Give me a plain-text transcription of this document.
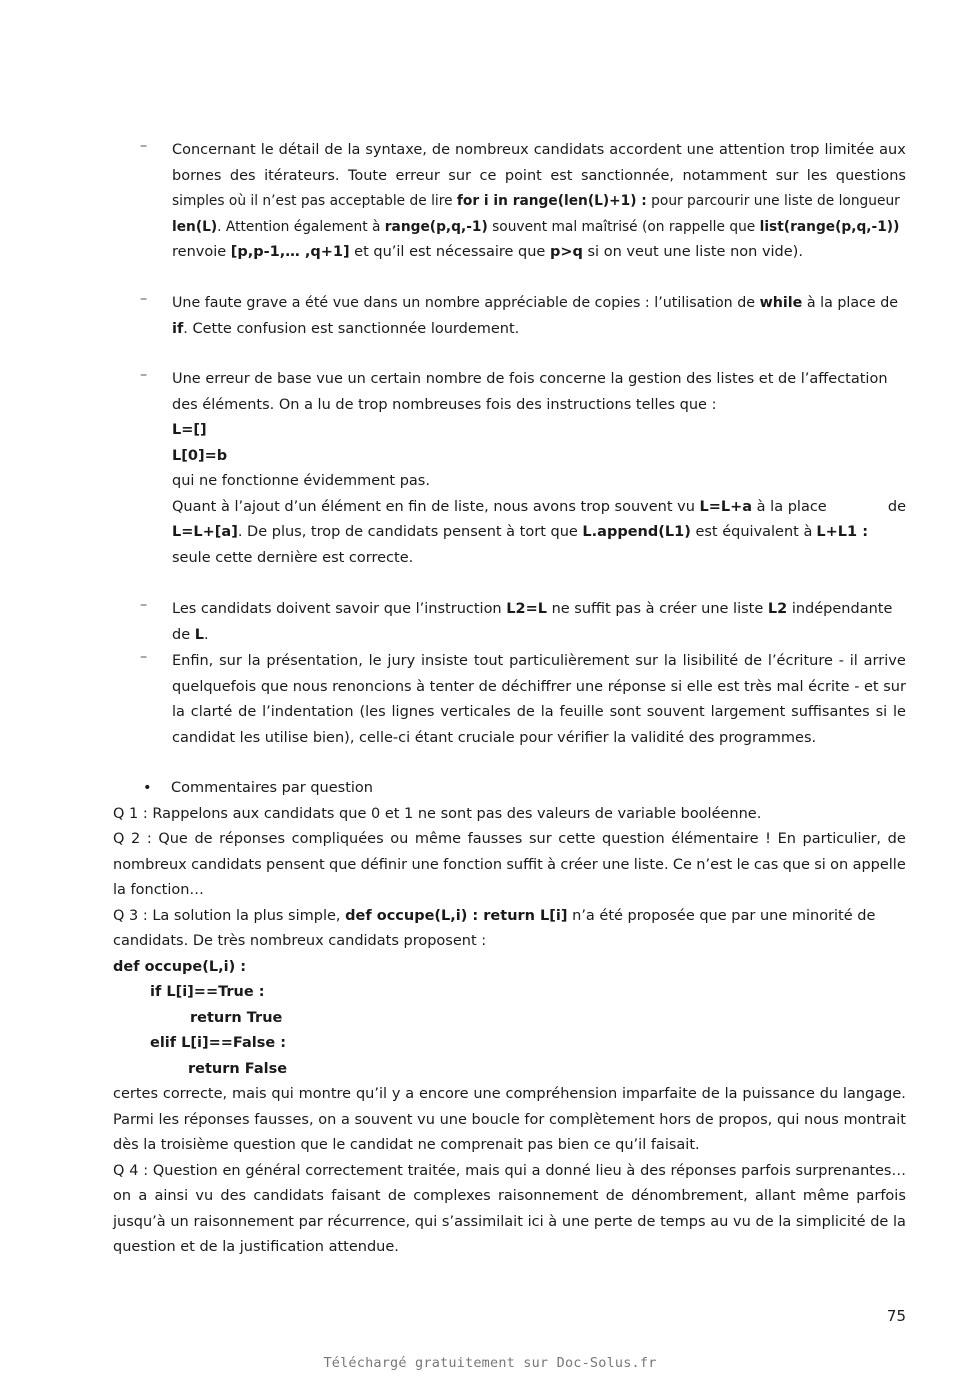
–	Concernant le détail de la syntaxe, de nombreux candidats accordent une attention trop limitée aux
bornes des itérateurs. Toute erreur sur ce point est sanctionnée, notamment sur les questions
simples où il n’est pas acceptable de lire for i in range(len(L)+1) : pour parcourir une liste de longueur
len(L). Attention également à range(p,q,-1) souvent mal maîtrisé (on rappelle que list(range(p,q,-1))
renvoie [p,p-1,… ,q+1] et qu’il est nécessaire que p>q si on veut une liste non vide).
–	Une faute grave a été vue dans un nombre appréciable de copies : l’utilisation de while à la place de
if. Cette confusion est sanctionnée lourdement.
–	Une erreur de base vue un certain nombre de fois concerne la gestion des listes et de l’affectation
des éléments. On a lu de trop nombreuses fois des instructions telles que :
L=[]
L[0]=b
qui ne fonctionne évidemment pas.
Quant à l’ajout d’un élément en fin de liste, nous avons trop souvent vu L=L+a à la place	de
L=L+[a]. De plus, trop de candidats pensent à tort que L.append(L1) est équivalent à L+L1 :
seule cette dernière est correcte.
–	Les candidats doivent savoir que l’instruction L2=L ne suffit pas à créer une liste L2 indépendante
de L.
–	Enfin, sur la présentation, le jury insiste tout particulièrement sur la lisibilité de l’écriture - il arrive
quelquefois que nous renoncions à tenter de déchiffrer une réponse si elle est très mal écrite - et sur
la clarté de l’indentation (les lignes verticales de la feuille sont souvent largement suffisantes si le
candidat les utilise bien), celle-ci étant cruciale pour vérifier la validité des programmes.
• Commentaires par question
Q 1 : Rappelons aux candidats que 0 et 1 ne sont pas des valeurs de variable booléenne.
Q 2 : Que de réponses compliquées ou même fausses sur cette question élémentaire ! En particulier, de
nombreux candidats pensent que définir une fonction suffit à créer une liste. Ce n’est le cas que si on appelle
la fonction…
Q 3 : La solution la plus simple, def occupe(L,i) : return L[i] n’a été proposée que par une minorité de
candidats. De très nombreux candidats proposent :
def occupe(L,i) :
if L[i]==True :
return True
elif L[i]==False :
return False
certes correcte, mais qui montre qu’il y a encore une compréhension imparfaite de la puissance du langage.
Parmi les réponses fausses, on a souvent vu une boucle for complètement hors de propos, qui nous montrait
dès la troisième question que le candidat ne comprenait pas bien ce qu’il faisait.
Q 4 : Question en général correctement traitée, mais qui a donné lieu à des réponses parfois surprenantes…
on a ainsi vu des candidats faisant de complexes raisonnement de dénombrement, allant même parfois
jusqu’à un raisonnement par récurrence, qui s’assimilait ici à une perte de temps au vu de la simplicité de la
question et de la justification attendue.
75
Téléchargé gratuitement sur Doc-Solus.fr
